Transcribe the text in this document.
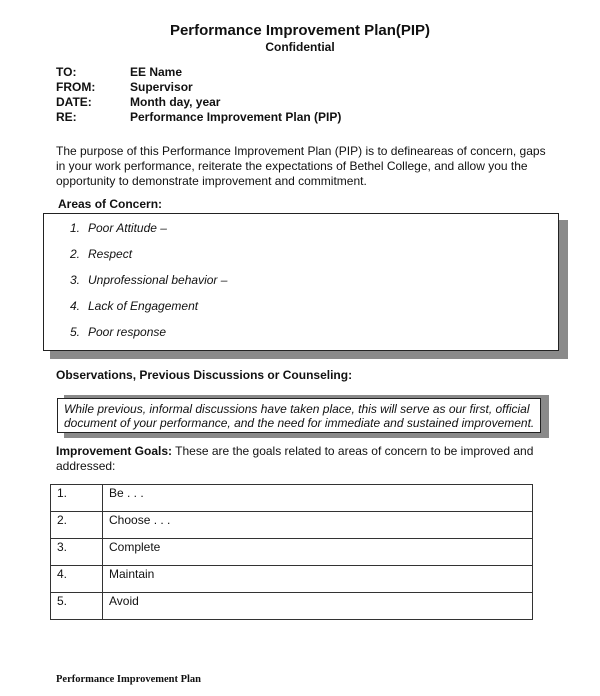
Performance Improvement Plan(PIP)
Confidential
TO:	EE Name
FROM:	Supervisor
DATE:	Month day, year
RE:	Performance Improvement Plan (PIP)
The purpose of this Performance Improvement Plan (PIP) is to defineareas of concern, gaps in your work performance, reiterate the expectations of Bethel College, and allow you the opportunity to demonstrate improvement and commitment.
Areas of Concern:
1. Poor Attitude –
2. Respect
3. Unprofessional behavior –
4. Lack of Engagement
5. Poor response
Observations, Previous Discussions or Counseling:
While previous, informal discussions have taken place, this will serve as our first, official document of your performance, and the need for immediate and sustained improvement.
Improvement Goals: These are the goals related to areas of concern to be improved and addressed:
1.	Be . . .
2.	Choose . . .
3.	Complete
4.	Maintain
5.	Avoid
Performance Improvement Plan
